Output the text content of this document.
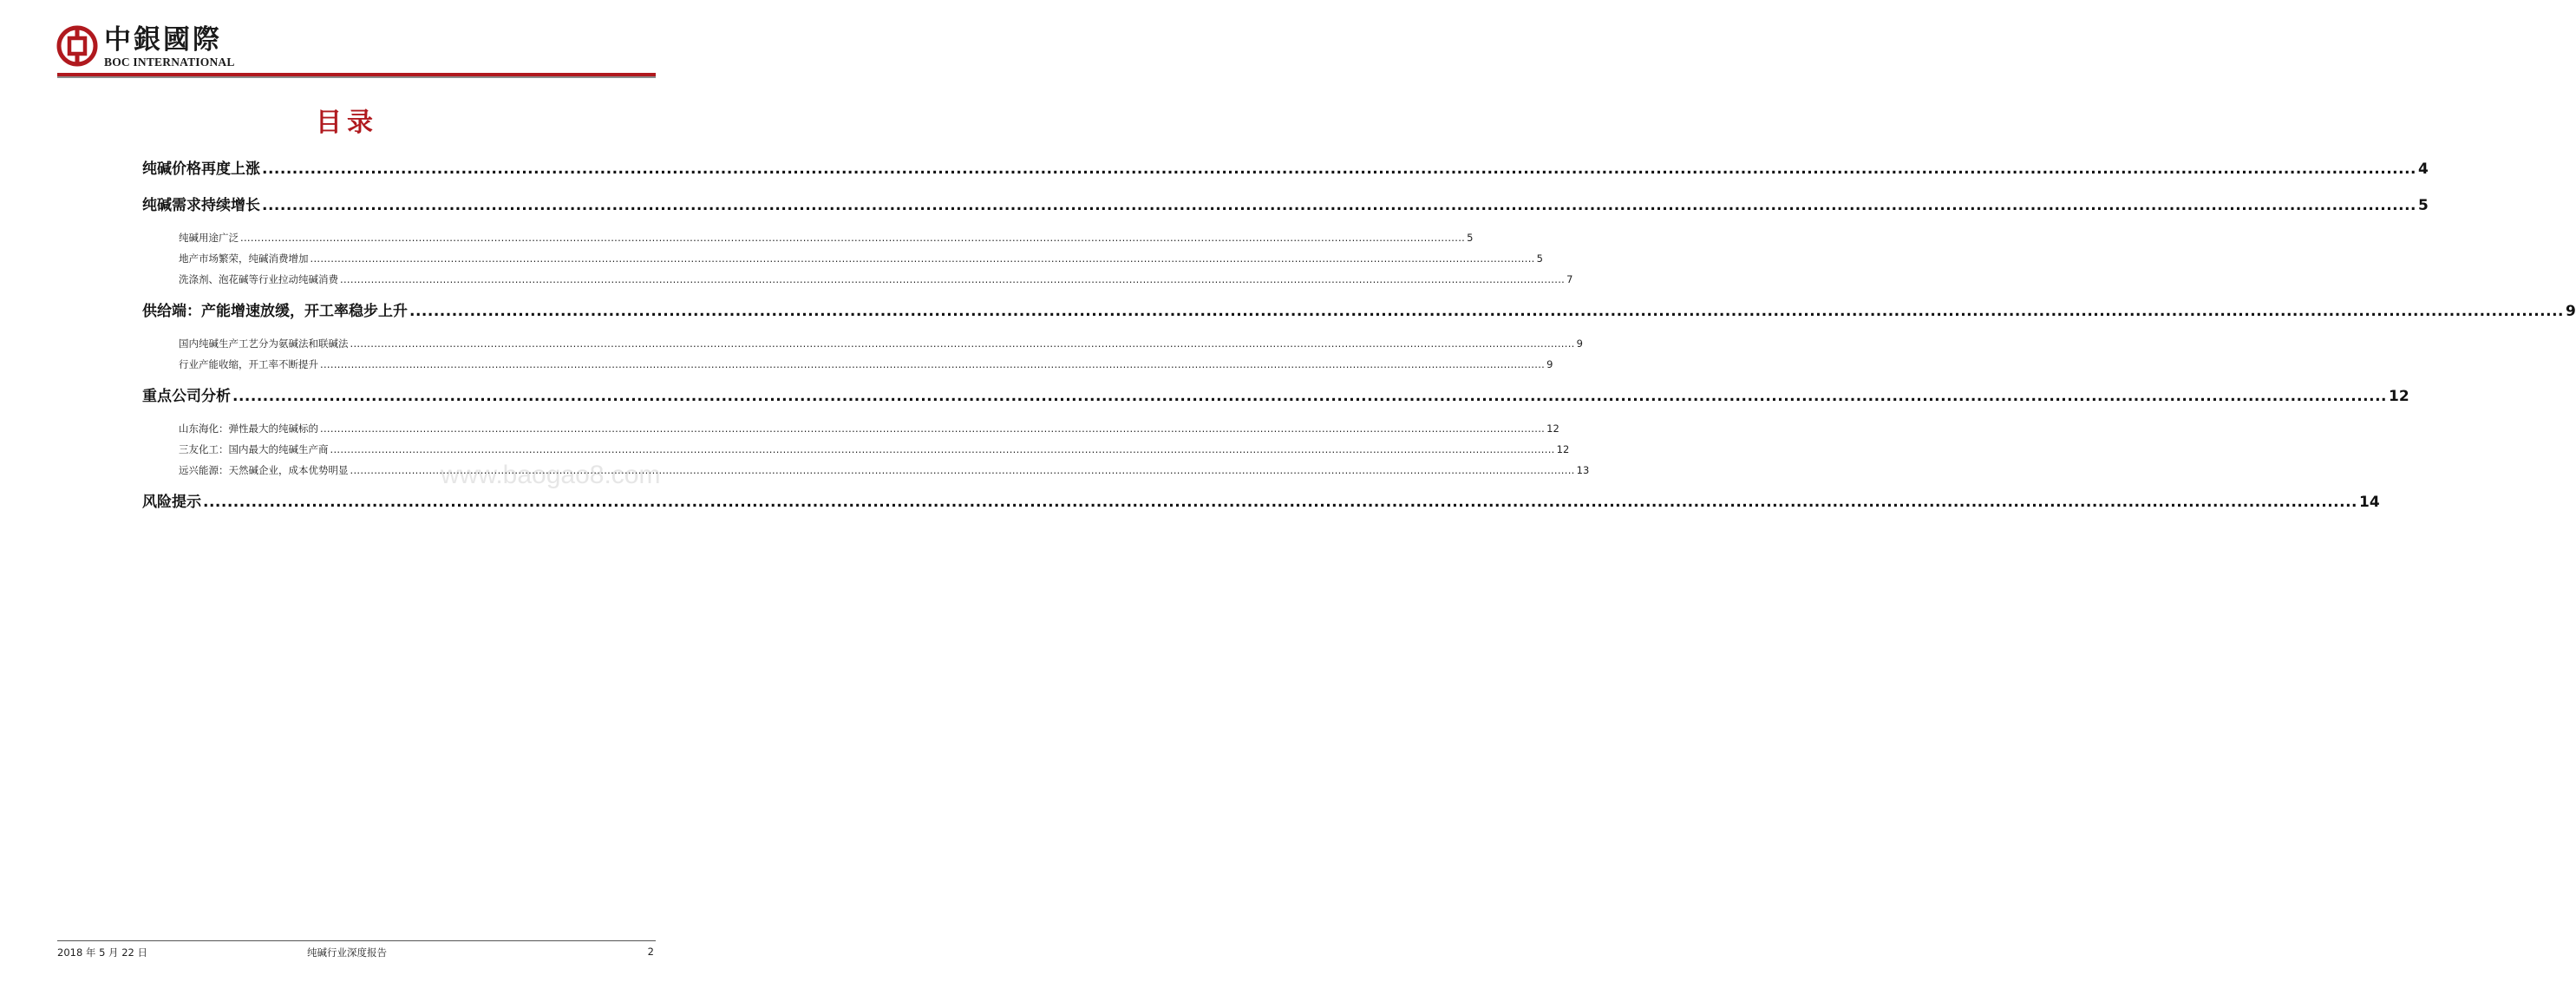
中銀國際
BOC INTERNATIONAL
目录
纯碱价格再度上涨 .....	4
纯碱需求持续增长 .....	5
纯碱用途广泛 .....	5
地产市场繁荣，纯碱消费增加 .....	5
洗涤剂、泡花碱等行业拉动纯碱消费 .....	7
供给端：产能增速放缓，开工率稳步上升 .....	9
国内纯碱生产工艺分为氨碱法和联碱法 .....	9
行业产能收缩，开工率不断提升 .....	9
重点公司分析 .....	12
山东海化：弹性最大的纯碱标的 .....	12
三友化工：国内最大的纯碱生产商 .....	12
远兴能源：天然碱企业，成本优势明显 .....	13
风险提示 .....	14
www.baogao8.com
2018 年 5 月 22 日	纯碱行业深度报告	2
